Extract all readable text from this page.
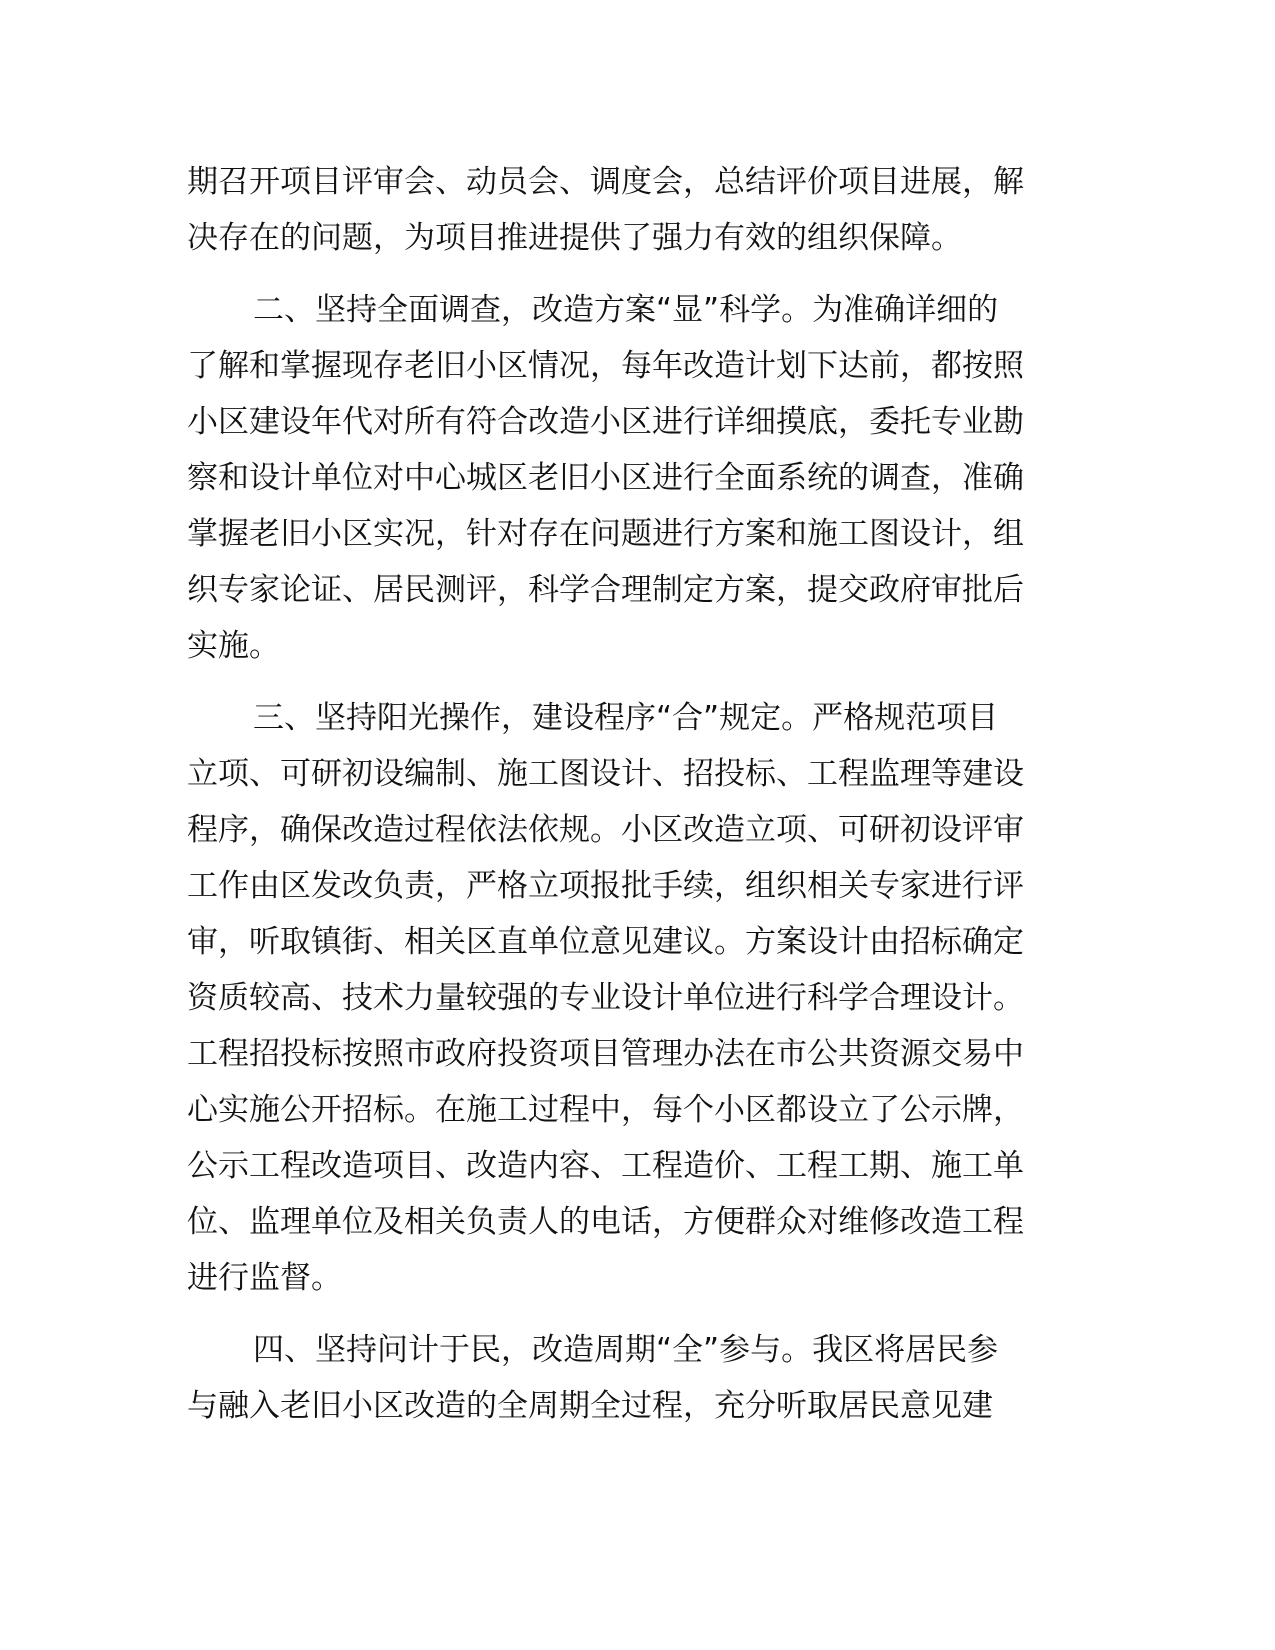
期召开项目评审会、动员会、调度会，总结评价项目进展，解
决存在的问题，为项目推进提供了强力有效的组织保障。
二、坚持全面调查，改造方案“显”科学。为准确详细的
了解和掌握现存老旧小区情况，每年改造计划下达前，都按照
小区建设年代对所有符合改造小区进行详细摸底，委托专业勘
察和设计单位对中心城区老旧小区进行全面系统的调查，准确
掌握老旧小区实况，针对存在问题进行方案和施工图设计，组
织专家论证、居民测评，科学合理制定方案，提交政府审批后
实施。
三、坚持阳光操作，建设程序“合”规定。严格规范项目
立项、可研初设编制、施工图设计、招投标、工程监理等建设
程序，确保改造过程依法依规。小区改造立项、可研初设评审
工作由区发改负责，严格立项报批手续，组织相关专家进行评
审，听取镇街、相关区直单位意见建议。方案设计由招标确定
资质较高、技术力量较强的专业设计单位进行科学合理设计。
工程招投标按照市政府投资项目管理办法在市公共资源交易中
心实施公开招标。在施工过程中，每个小区都设立了公示牌，
公示工程改造项目、改造内容、工程造价、工程工期、施工单
位、监理单位及相关负责人的电话，方便群众对维修改造工程
进行监督。
四、坚持问计于民，改造周期“全”参与。我区将居民参
与融入老旧小区改造的全周期全过程，充分听取居民意见建
